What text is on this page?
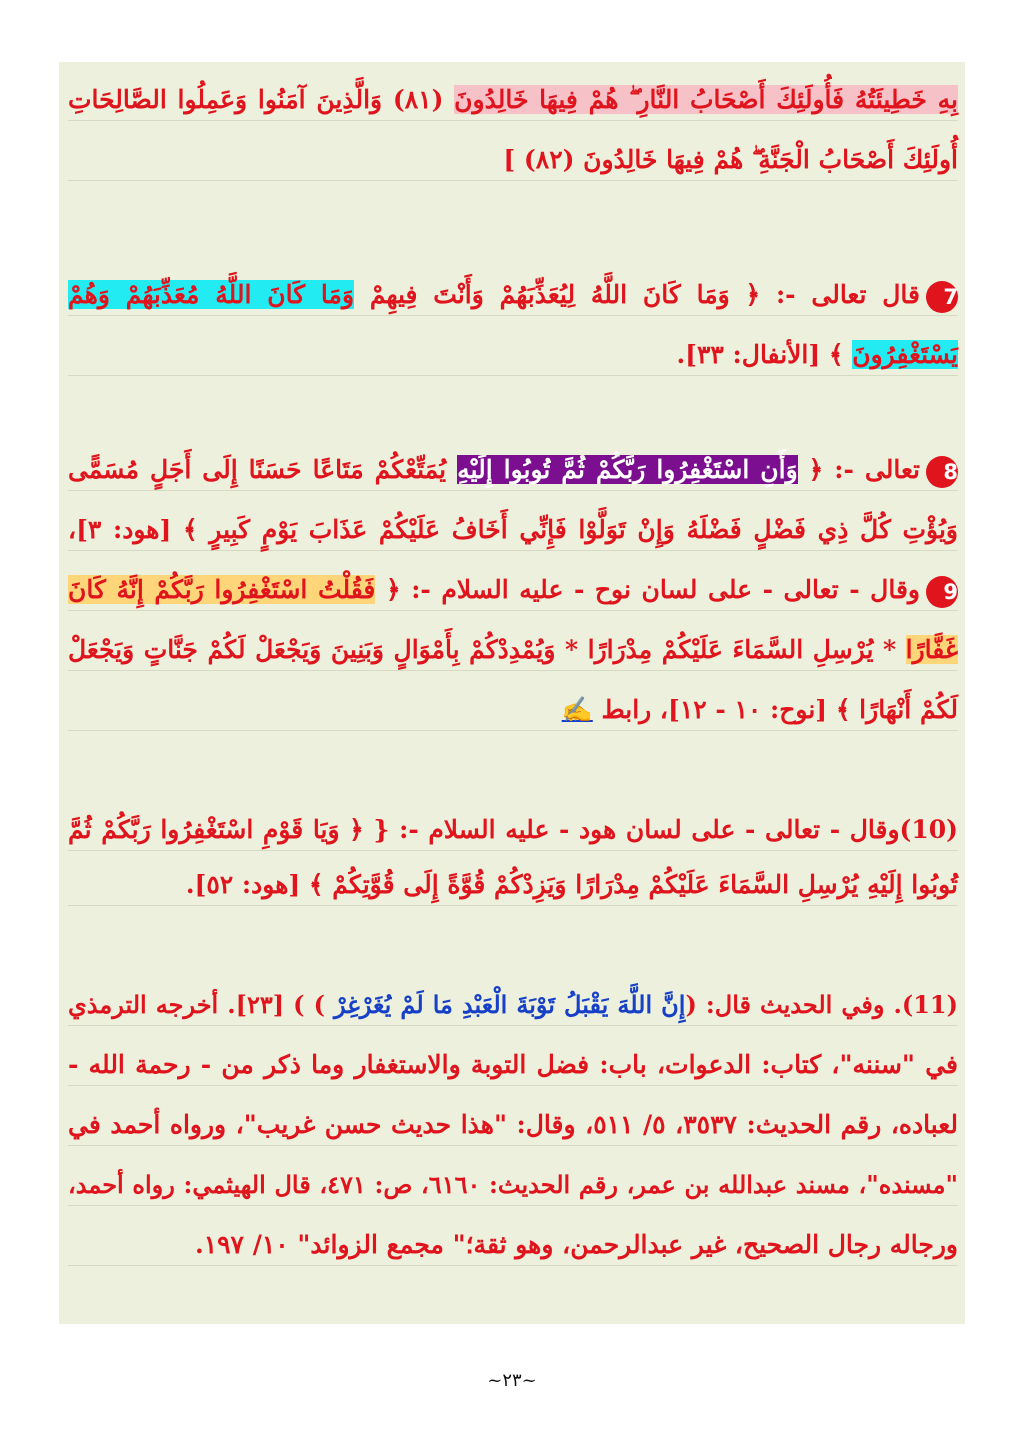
بِهِ خَطِيئَتُهُ فَأُولَئِكَ أَصْحَابُ النَّارِ ۖ هُمْ فِيهَا خَالِدُونَ (٨١) وَالَّذِينَ آمَنُوا وَعَمِلُوا الصَّالِحَاتِ
أُولَئِكَ أَصْحَابُ الْجَنَّةِ ۖ هُمْ فِيهَا خَالِدُونَ (٨٢) ]
7قال تعالى -: ﴿ وَمَا كَانَ اللَّهُ لِيُعَذِّبَهُمْ وَأَنْتَ فِيهِمْ وَمَا كَانَ اللَّهُ مُعَذِّبَهُمْ وَهُمْ
يَسْتَغْفِرُونَ ﴾ [الأنفال: ٣٣].
8تعالى -: ﴿ وَأَنِ اسْتَغْفِرُوا رَبَّكُمْ ثُمَّ تُوبُوا إِلَيْهِ يُمَتِّعْكُمْ مَتَاعًا حَسَنًا إِلَى أَجَلٍ مُسَمًّى
وَيُؤْتِ كُلَّ ذِي فَضْلٍ فَضْلَهُ وَإِنْ تَوَلَّوْا فَإِنِّي أَخَافُ عَلَيْكُمْ عَذَابَ يَوْمٍ كَبِيرٍ ﴾ [هود: ٣]،
9وقال - تعالى - على لسان نوح - عليه السلام -: ﴿ فَقُلْتُ اسْتَغْفِرُوا رَبَّكُمْ إِنَّهُ كَانَ
غَفَّارًا * يُرْسِلِ السَّمَاءَ عَلَيْكُمْ مِدْرَارًا * وَيُمْدِدْكُمْ بِأَمْوَالٍ وَبَنِينَ وَيَجْعَلْ لَكُمْ جَنَّاتٍ وَيَجْعَلْ
لَكُمْ أَنْهَارًا ﴾ [نوح: ١٠ - ١٢]، رابط ✍
(10)وقال - تعالى - على لسان هود - عليه السلام -: { ﴿ وَيَا قَوْمِ اسْتَغْفِرُوا رَبَّكُمْ ثُمَّ
تُوبُوا إِلَيْهِ يُرْسِلِ السَّمَاءَ عَلَيْكُمْ مِدْرَارًا وَيَزِدْكُمْ قُوَّةً إِلَى قُوَّتِكُمْ ﴾ [هود: ٥٢].
(11). وفي الحديث قال: (إِنَّ اللَّهَ يَقْبَلُ تَوْبَةَ الْعَبْدِ مَا لَمْ يُغَرْغِرْ ) ) [٢٣]. أخرجه الترمذي
في "سننه"، كتاب: الدعوات، باب: فضل التوبة والاستغفار وما ذكر من - رحمة الله -
لعباده، رقم الحديث: ٣٥٣٧، ٥/ ٥١١، وقال: "هذا حديث حسن غريب"، ورواه أحمد في
"مسنده"، مسند عبدالله بن عمر، رقم الحديث: ٦١٦٠، ص: ٤٧١، قال الهيثمي: رواه أحمد،
ورجاله رجال الصحيح، غير عبدالرحمن، وهو ثقة؛" مجمع الزوائد" ١٠/ ١٩٧.
~٢٣~
